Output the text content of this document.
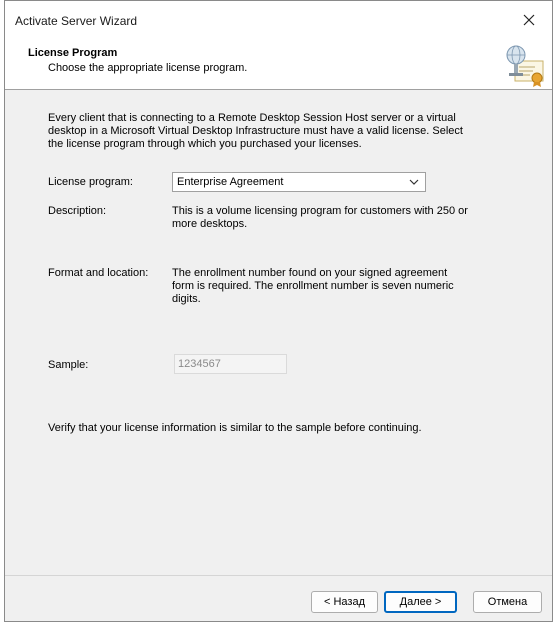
Activate Server Wizard
License Program
Choose the appropriate license program.
Every client that is connecting to a Remote Desktop Session Host server or a virtual desktop in a Microsoft Virtual Desktop Infrastructure must have a valid license. Select the license program through which you purchased your licenses.
License program:	Enterprise Agreement
Description:	This is a volume licensing program for customers with 250 or more desktops.
Format and location: The enrollment number found on your signed agreement form is required. The enrollment number is seven numeric digits.
Sample:	1234567
Verify that your license information is similar to the sample before continuing.
< Назад	Далее >	Отмена
